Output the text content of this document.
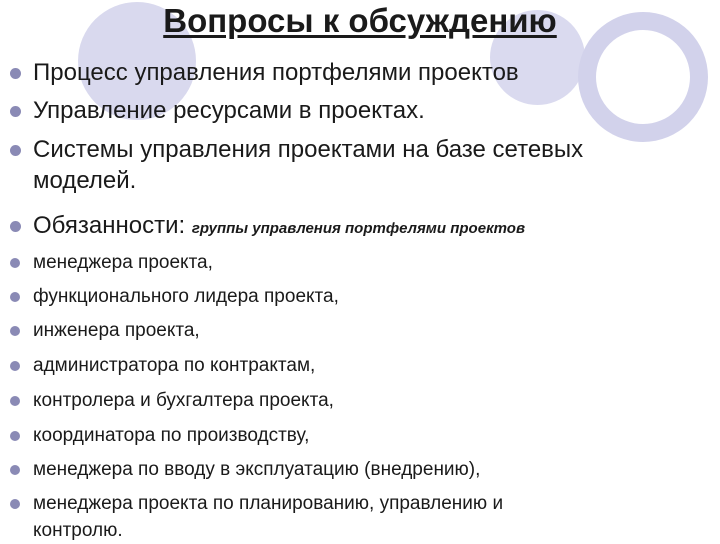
Вопросы к обсуждению
Процесс управления портфелями проектов
Управление ресурсами в проектах.
Системы управления проектами на базе сетевых
моделей.
Обязанности: группы управления портфелями проектов
менеджера проекта,
функционального лидера проекта,
инженера проекта,
администратора по контрактам,
контролера и бухгалтера проекта,
координатора по производству,
менеджера по вводу в эксплуатацию (внедрению),
менеджера проекта по планированию, управлению и
контролю.
